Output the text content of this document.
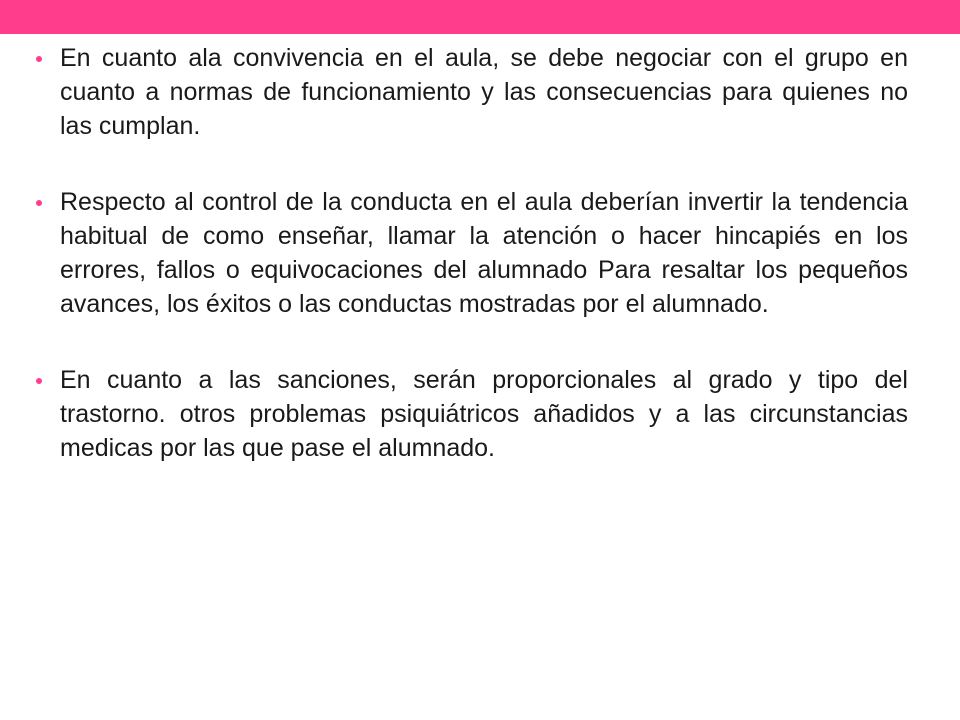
En cuanto ala convivencia en el aula, se debe negociar con el grupo en cuanto a normas de funcionamiento y las consecuencias para quienes no las cumplan.
Respecto al control de la conducta en el aula deberían invertir la tendencia habitual de como enseñar, llamar la atención o hacer hincapiés en los errores, fallos o equivocaciones del alumnado Para resaltar los pequeños avances, los éxitos o las conductas mostradas por el alumnado.
En cuanto a las sanciones, serán proporcionales al grado y tipo del trastorno. otros problemas psiquiátricos añadidos y a las circunstancias medicas por las que pase el alumnado.
